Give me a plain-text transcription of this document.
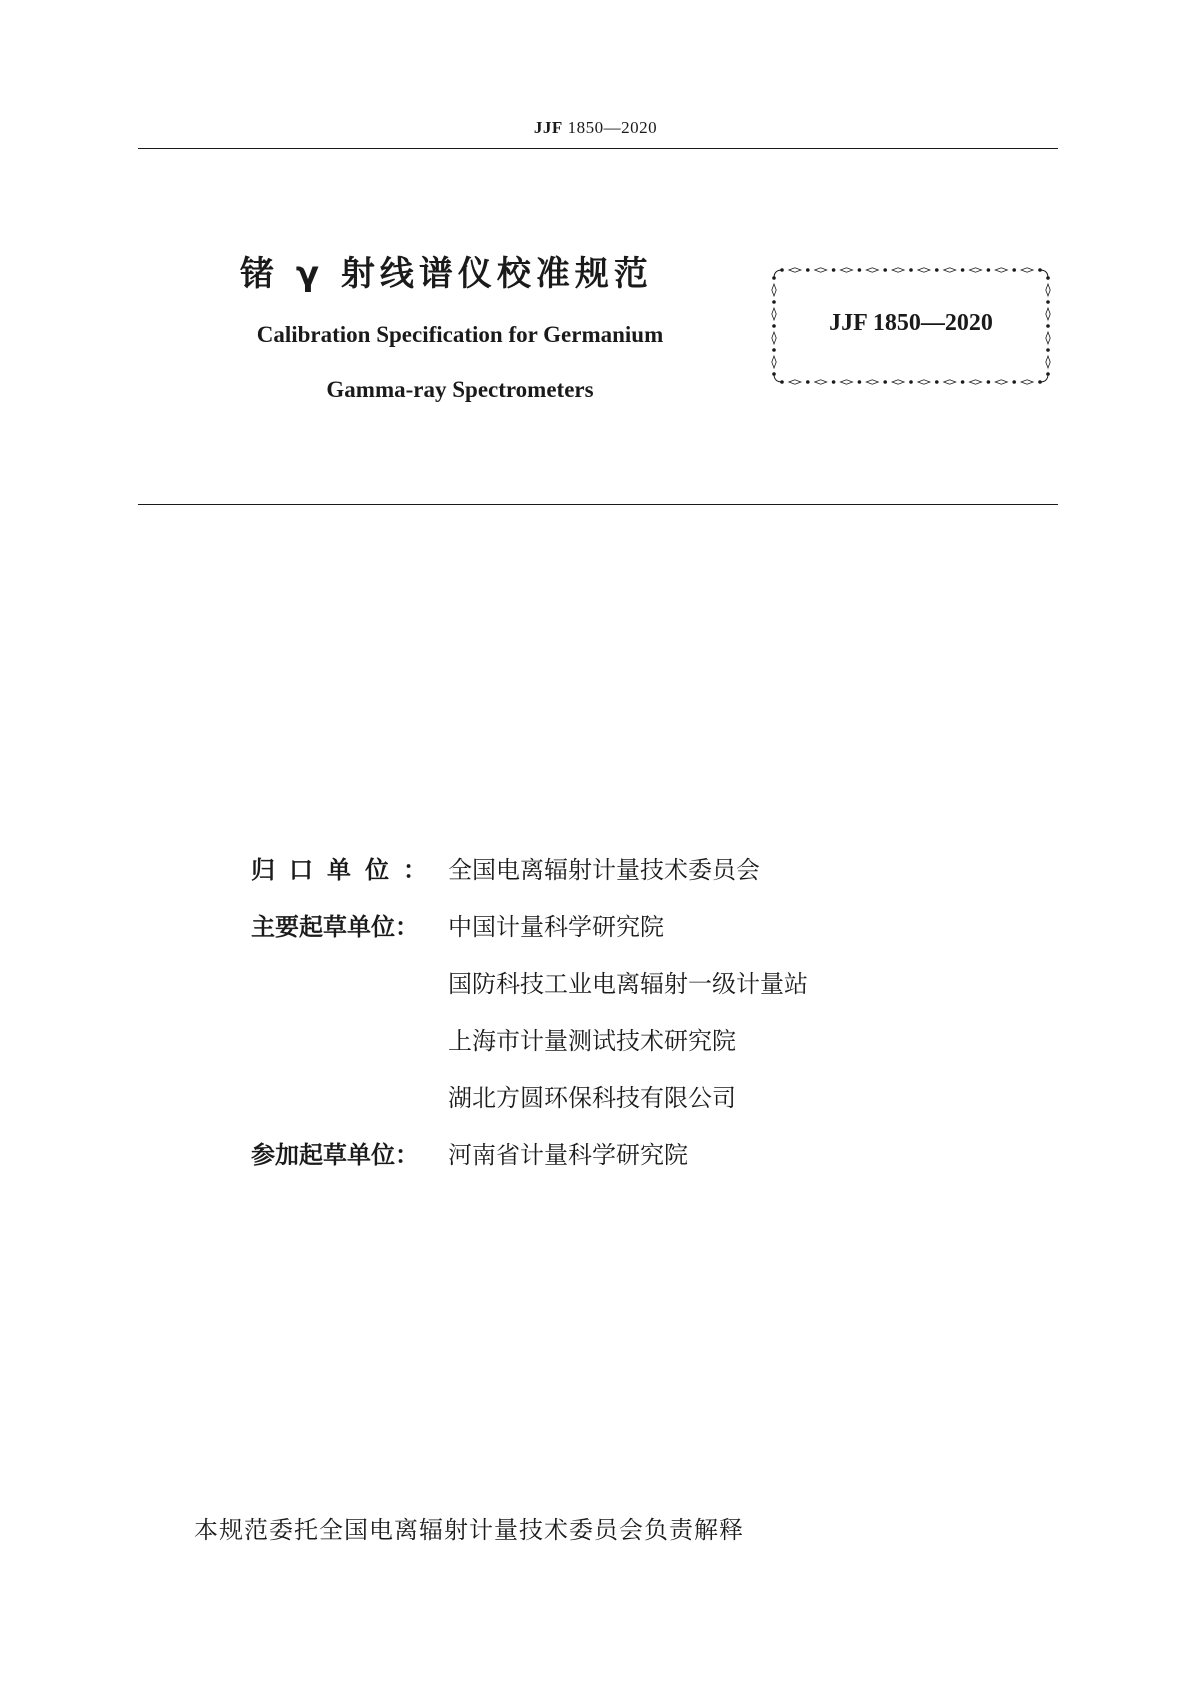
JJF 1850—2020
锗 γ 射线谱仪校准规范
Calibration Specification for Germanium
Gamma-ray Spectrometers
JJF 1850—2020
归口单位： 全国电离辐射计量技术委员会
主要起草单位： 中国计量科学研究院
国防科技工业电离辐射一级计量站
上海市计量测试技术研究院
湖北方圆环保科技有限公司
参加起草单位： 河南省计量科学研究院
本规范委托全国电离辐射计量技术委员会负责解释
